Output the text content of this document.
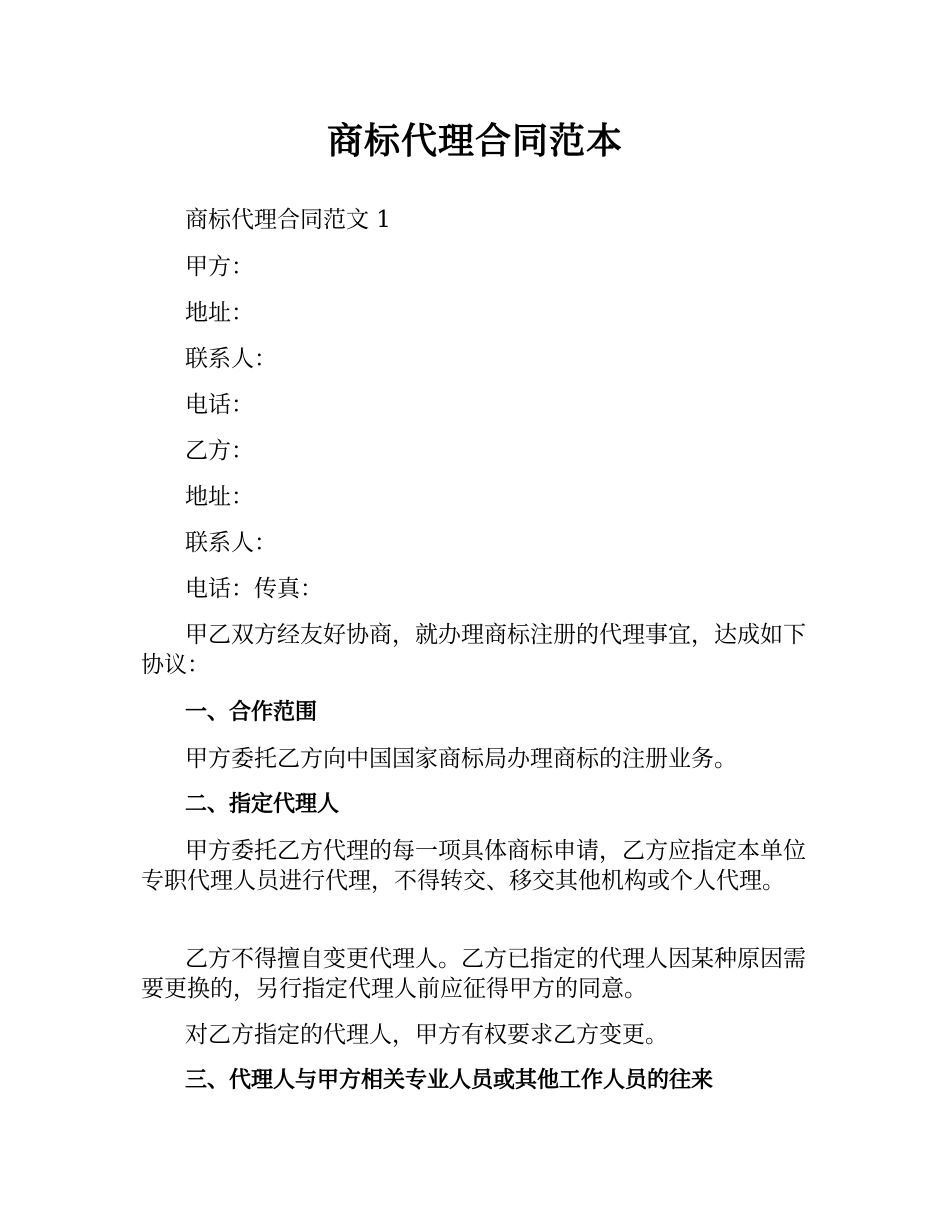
商标代理合同范本

商标代理合同范文 1

甲方：

地址：

联系人：

电话：

乙方：

地址：

联系人：

电话：传真：

甲乙双方经友好协商，就办理商标注册的代理事宜，达成如下协议：

一、合作范围

甲方委托乙方向中国国家商标局办理商标的注册业务。

二、指定代理人

甲方委托乙方代理的每一项具体商标申请，乙方应指定本单位专职代理人员进行代理，不得转交、移交其他机构或个人代理。

乙方不得擅自变更代理人。乙方已指定的代理人因某种原因需要更换的，另行指定代理人前应征得甲方的同意。

对乙方指定的代理人，甲方有权要求乙方变更。

三、代理人与甲方相关专业人员或其他工作人员的往来
